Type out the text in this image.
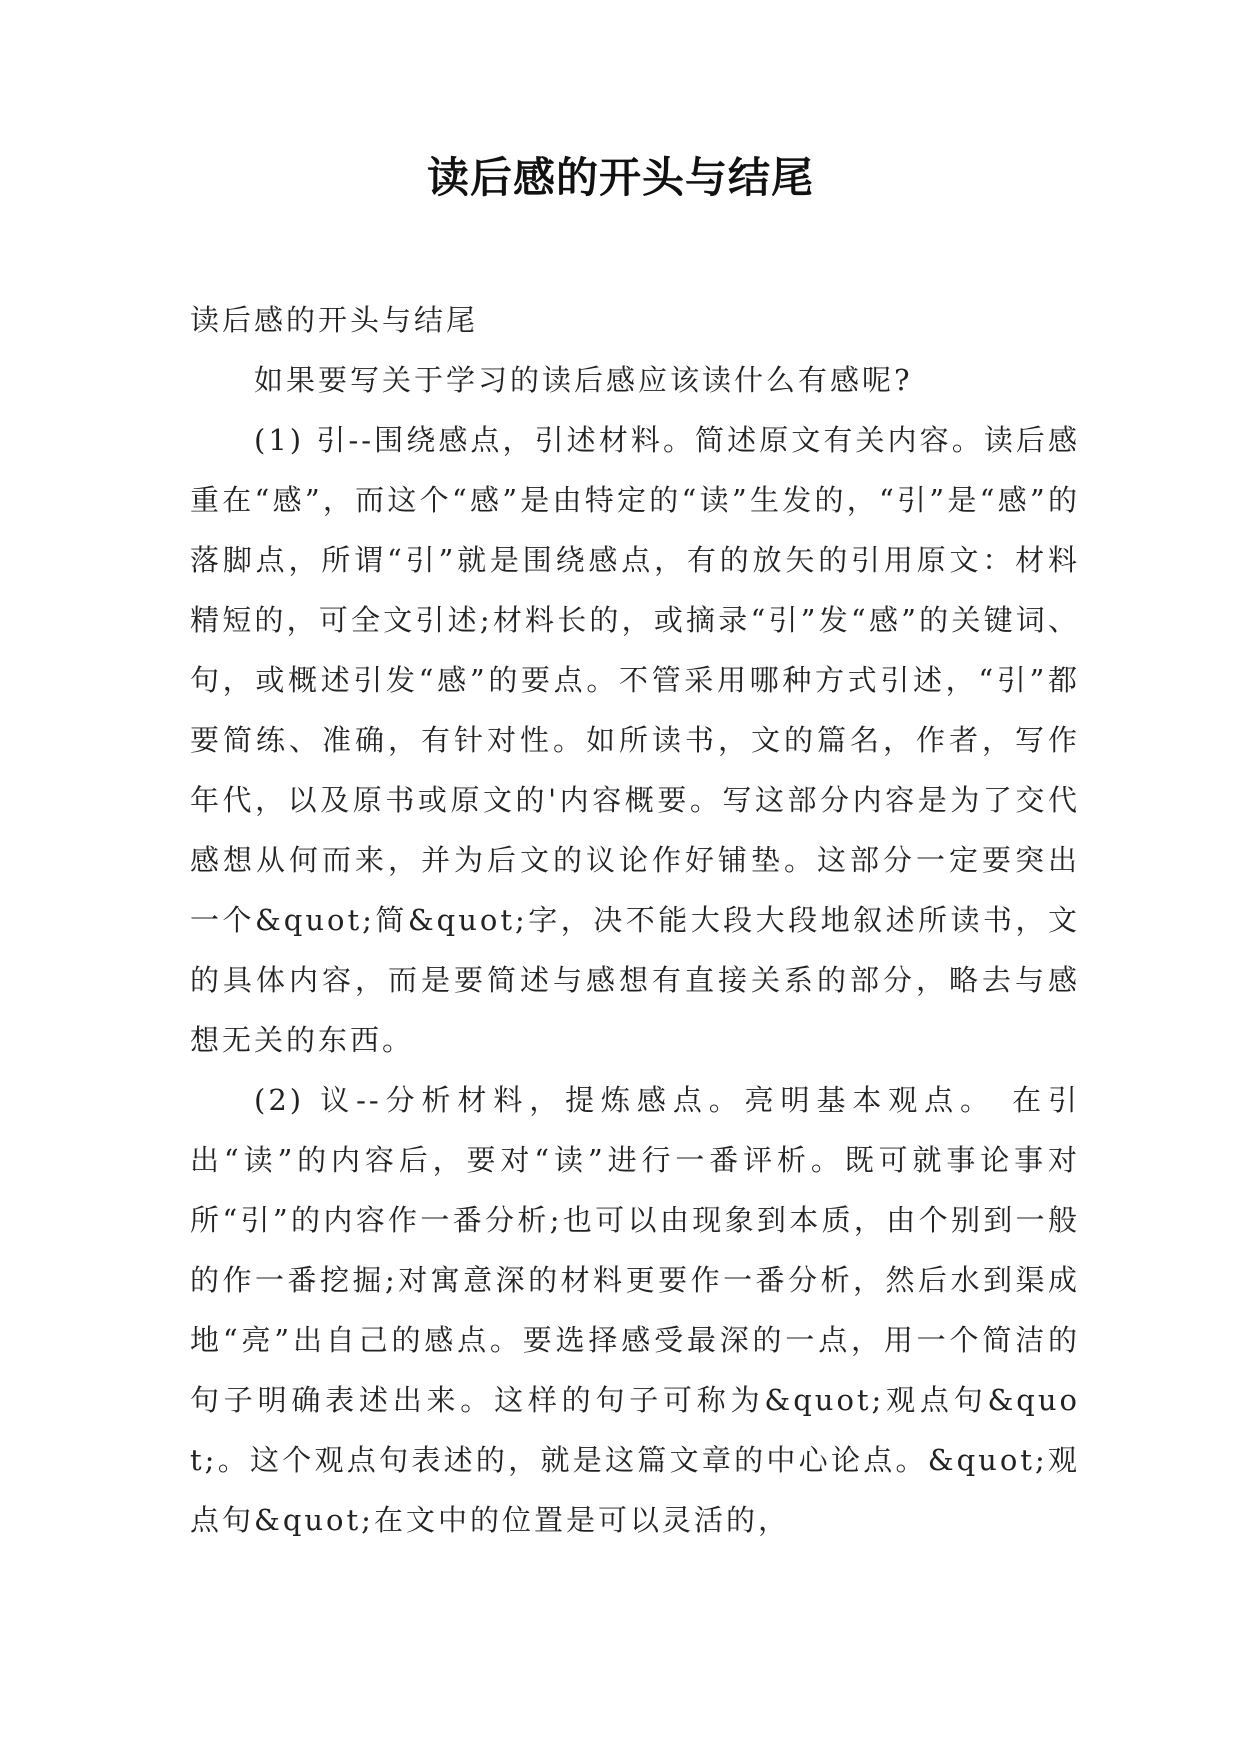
读后感的开头与结尾

读后感的开头与结尾

如果要写关于学习的读后感应该读什么有感呢?

(1) 引--围绕感点，引述材料。简述原文有关内容。读后感重在“感”，而这个“感”是由特定的“读”生发的，“引”是“感”的落脚点，所谓“引”就是围绕感点，有的放矢的引用原文：材料精短的，可全文引述;材料长的，或摘录“引”发“感”的关键词、句，或概述引发“感”的要点。不管采用哪种方式引述，“引”都要简练、准确，有针对性。如所读书，文的篇名，作者，写作年代，以及原书或原文的'内容概要。写这部分内容是为了交代感想从何而来，并为后文的议论作好铺垫。这部分一定要突出一个&quot;简&quot;字，决不能大段大段地叙述所读书，文的具体内容，而是要简述与感想有直接关系的部分，略去与感想无关的东西。

(2) 议--分析材料，提炼感点。亮明基本观点。 在引出“读”的内容后，要对“读”进行一番评析。既可就事论事对所“引”的内容作一番分析;也可以由现象到本质，由个别到一般的作一番挖掘;对寓意深的材料更要作一番分析，然后水到渠成地“亮”出自己的感点。要选择感受最深的一点，用一个简洁的句子明确表述出来。这样的句子可称为&quot;观点句&quot;。这个观点句表述的，就是这篇文章的中心论点。&quot;观点句&quot;在文中的位置是可以灵活的，
